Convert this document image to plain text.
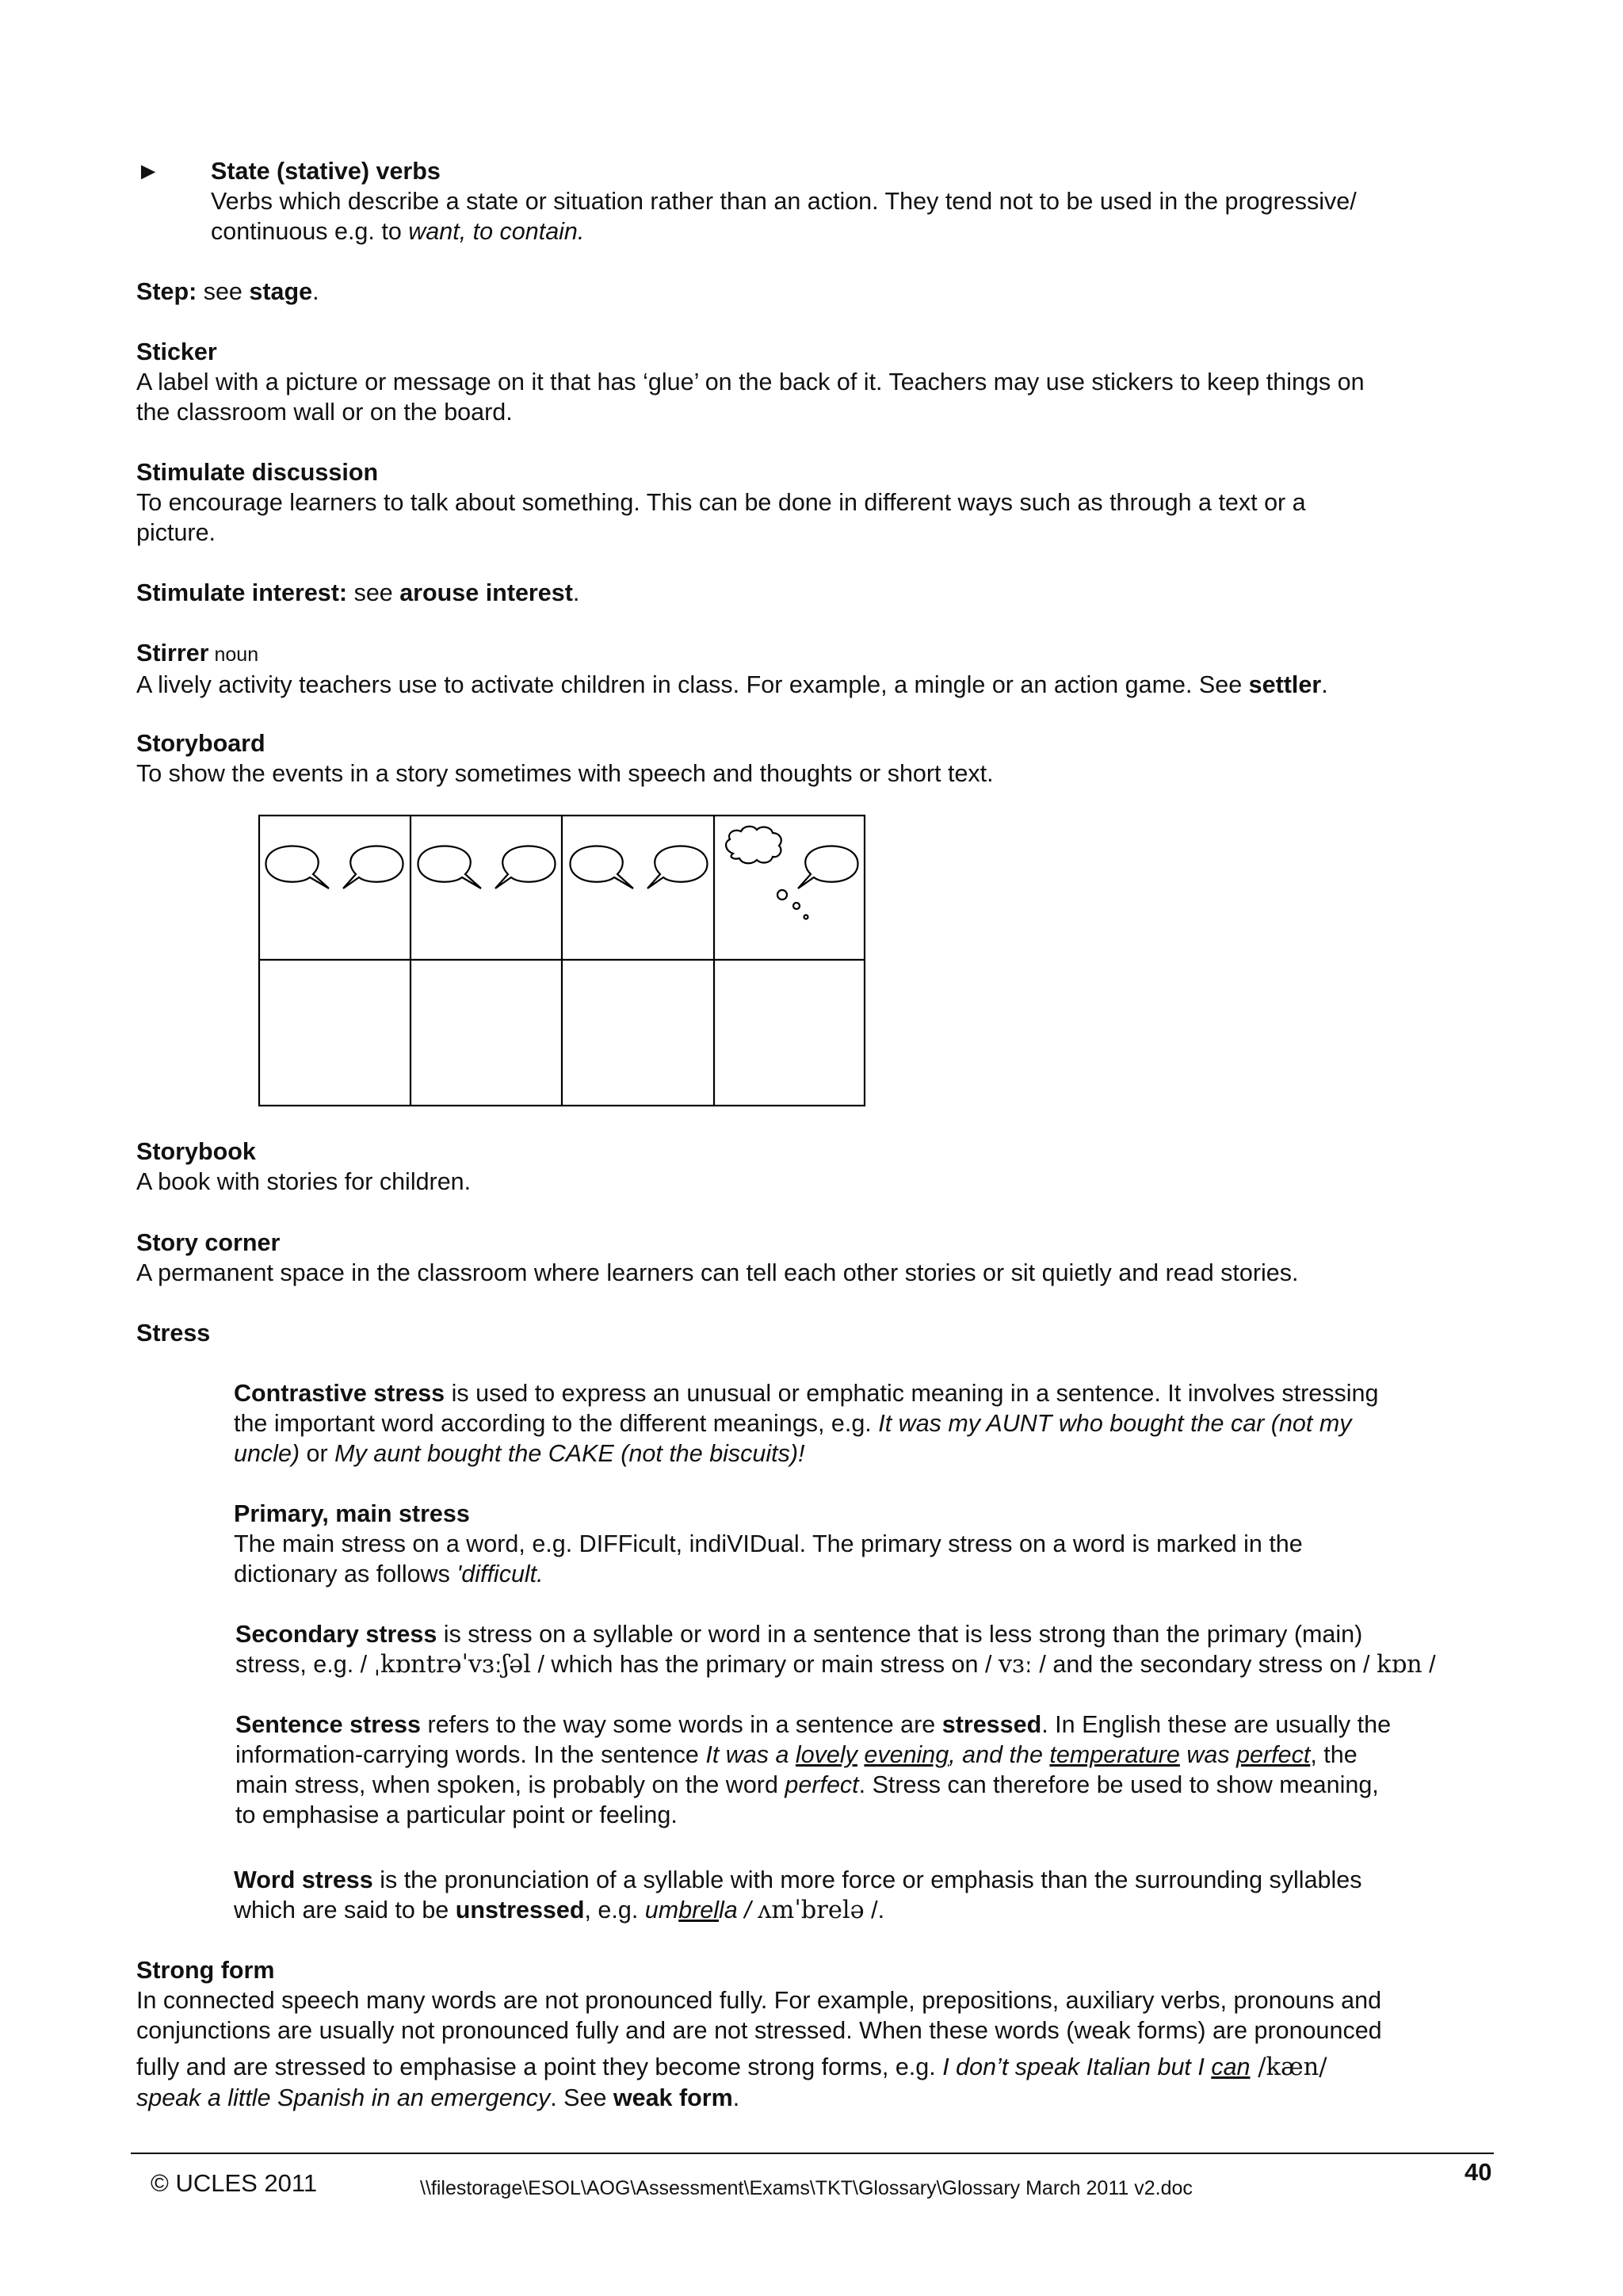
► State (stative) verbs

Verbs which describe a state or situation rather than an action. They tend not to be used in the progressive/

continuous e.g. to want, to contain.

Step: see stage.

Sticker

A label with a picture or message on it that has ‘glue’ on the back of it. Teachers may use stickers to keep things on

the classroom wall or on the board.

Stimulate discussion

To encourage learners to talk about something. This can be done in different ways such as through a text or a

picture.

Stimulate interest: see arouse interest.

Stirrer noun

A lively activity teachers use to activate children in class. For example, a mingle or an action game. See settler.

Storyboard

To show the events in a story sometimes with speech and thoughts or short text.

Storybook

A book with stories for children.

Story corner

A permanent space in the classroom where learners can tell each other stories or sit quietly and read stories.

Stress

Contrastive stress is used to express an unusual or emphatic meaning in a sentence. It involves stressing

the important word according to the different meanings, e.g. It was my AUNT who bought the car (not my

uncle) or My aunt bought the CAKE (not the biscuits)!

Primary, main stress

The main stress on a word, e.g. DIFFicult, indiVIDual. The primary stress on a word is marked in the

dictionary as follows 'difficult.

Secondary stress is stress on a syllable or word in a sentence that is less strong than the primary (main)

stress, e.g. / ˌkɒntrəˈvɜːʃəl / which has the primary or main stress on / vɜː / and the secondary stress on / kɒn /

Sentence stress refers to the way some words in a sentence are stressed. In English these are usually the

information-carrying words. In the sentence It was a lovely evening, and the temperature was perfect, the

main stress, when spoken, is probably on the word perfect. Stress can therefore be used to show meaning,

to emphasise a particular point or feeling.

Word stress is the pronunciation of a syllable with more force or emphasis than the surrounding syllables

which are said to be unstressed, e.g. umbrella / ʌmˈbrelə /.

Strong form

In connected speech many words are not pronounced fully. For example, prepositions, auxiliary verbs, pronouns and

conjunctions are usually not pronounced fully and are not stressed. When these words (weak forms) are pronounced

fully and are stressed to emphasise a point they become strong forms, e.g. I don’t speak Italian but I can /kæn/

speak a little Spanish in an emergency. See weak form.

© UCLES 2011	\\filestorage\ESOL\AOG\Assessment\Exams\TKT\Glossary\Glossary March 2011 v2.doc
40
